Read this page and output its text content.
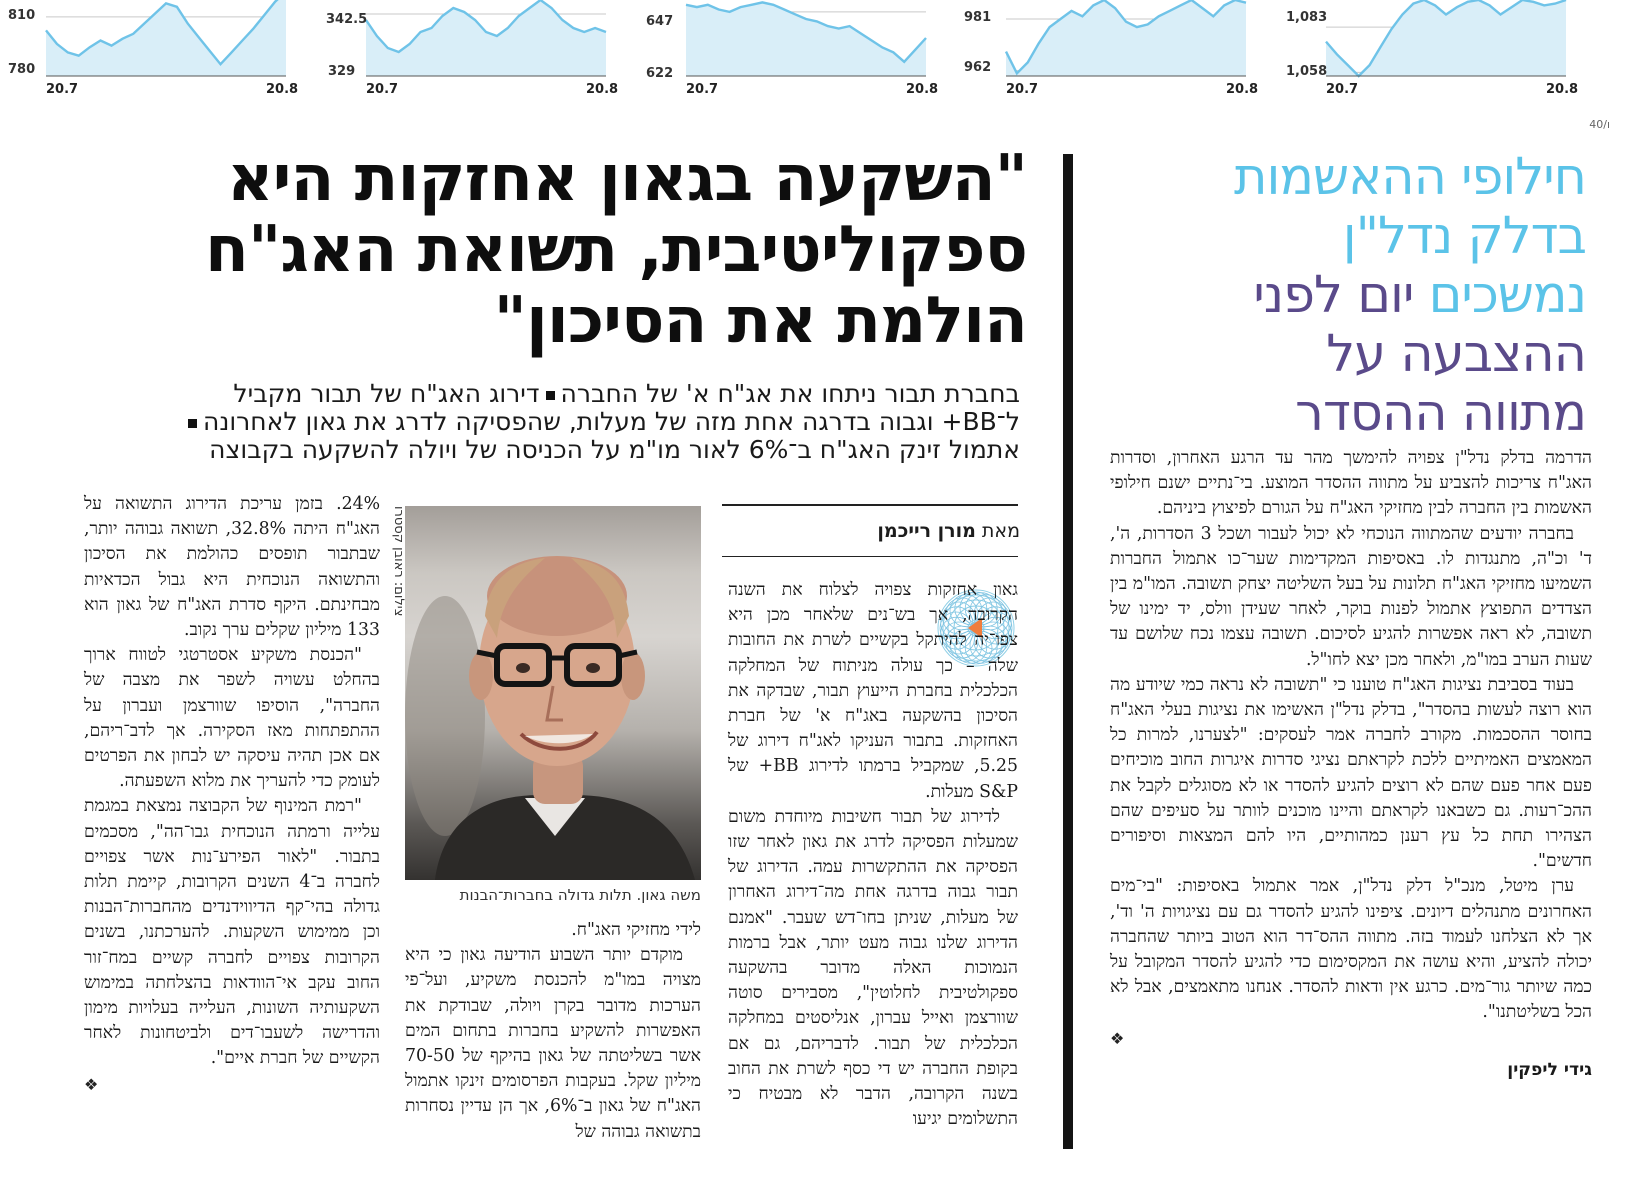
810
780
20.7	20.8
342.5
329
20.7	20.8
647
622
20.7	20.8
981
962
20.7	20.8
1,083
1,058
20.7	20.8
ו/40
חילופי ההאשמות
בדלק נדל"ן
נמשכים יום לפני
ההצבעה על
מתווה ההסדר

הדרמה בדלק נדל"ן צפויה להימשך מהר עד הרגע האחרון, וסדרות האג"ח צריכות להצביע על מתווה ההסדר המוצע. בי־נתיים ישנם חילופי האשמות בין החברה לבין מחזיקי האג"ח על הגורם לפיצוץ ביניהם.

בחברה יודעים שהמתווה הנוכחי לא יכול לעבור ושכל 3 הסדרות, ה', ד' וכ"ה, מתנגדות לו. באסיפות המקדימות שער־כו אתמול החברות השמיעו מחזיקי האג"ח תלונות על בעל השליטה יצחק תשובה. המו"מ בין הצדדים התפוצץ אתמול לפנות בוקר, לאחר שעידן וולס, יד ימינו של תשובה, לא ראה אפשרות להגיע לסיכום. תשובה עצמו נכח שלושם עד שעות הערב במו"מ, ולאחר מכן יצא לחו"ל.

בעוד בסביבת נציגות האג"ח טוענו כי "תשובה לא נראה כמי שיודע מה הוא רוצה לעשות בהסדר", בדלק נדל"ן האשימו את נציגות בעלי האג"ח בחוסר ההסכמות. מקורב לחברה אמר לעסקים: "לצערנו, למרות כל המאמצים האמיתיים ללכת לקראתם נציגי סדרות איגרות החוב מוכיחים פעם אחר פעם שהם לא רוצים להגיע להסדר או לא מסוגלים לקבל את ההכ־רעות. גם כשבאנו לקראתם והיינו מוכנים לוותר על סעיפים שהם הצהירו תחת כל עץ רענן כמהותיים, היו להם המצאות וסיפורים חדשים".

ערן מיטל, מנכ"ל דלק נדל"ן, אמר אתמול באסיפות: "בי־מים האחרונים מתנהלים דיונים. ציפינו להגיע להסדר גם עם נציגויות ה' וד', אך לא הצלחנו לעמוד בזה. מתווה ההס־דר הוא הטוב ביותר שהחברה יכולה להציע, והיא עושה את המקסימום כדי להגיע להסדר המקובל על כמה שיותר גור־מים. כרגע אין ודאות להסדר. אנחנו מתאמצים, אבל לא הכל בשליטתנו".

❖

גידי ליפקין

"השקעה בגאון אחזקות היא
ספקוליטיבית, תשואת האג"ח
הולמת את הסיכון"
בחברת תבור ניתחו את אג"ח א' של החברהדירוג האג"ח של תבור מקביל ל־BB+ וגבוה בדרגה אחת מזה של מעלות, שהפסיקה לדרג את גאון לאחרונהאתמול זינק האג"ח ב־6% לאור מו"מ על הכניסה של ויולה להשקעה בקבוצה
מאת מורן רייכמן

גאון אחזקות צפויה לצלוח את השנה הקרובה, אך בש־נים שלאחר מכן היא צפו־יה להיתקל בקשיים לשרת את החובות שלה – כך עולה מניתוח של המחלקה הכלכלית בחברת הייעוץ תבור, שבדקה את הסיכון בהשקעה באג"ח א' של חברת האחזקות. בתבור העניקו לאג"ח דירוג של 5.25, שמקביל ברמתו לדירוג BB+ של S&P מעלות.

לדירוג של תבור חשיבות מיוחדת משום שמעלות הפסיקה לדרג את גאון לאחר שזו הפסיקה את ההתקשרות עמה. הדירוג של תבור גבוה בדרגה אחת מה־דירוג האחרון של מעלות, שניתן בחו־דש שעבר. "אמנם הדירוג שלנו גבוה מעט יותר, אבל ברמות הנמוכות האלה מדובר בהשקעה ספקולטיבית לחלוטין", מסבירים סוטה שוורצמן ואייל עברון, אנליסטים במחלקה הכלכלית של תבור. לדבריהם, גם אם בקופת החברה יש די כסף לשרת את החוב בשנה הקרובה, הדבר לא מבטיח כי התשלומים יגיעו

צילום: ראובן קסטרו
משה גאון. תלות גדולה בחברות־הבנות

לידי מחזיקי האג"ח.

מוקדם יותר השבוע הודיעה גאון כי היא מצויה במו"מ להכנסת משקיע, ועל־פי הערכות מדובר בקרן ויולה, שבודקת את האפשרות להשקיע בחברות בתחום המים אשר בשליטתה של גאון בהיקף של 70-50 מיליון שקל. בעקבות הפרסומים זינקו אתמול האג"ח של גאון ב־6%, אך הן עדיין נסחרות בתשואה גבוהה של

24%. בזמן עריכת הדירוג התשואה על האג"ח היתה 32.8%, תשואה גבוהה יותר, שבתבור תופסים כהולמת את הסיכון והתשואה הנוכחית היא גבול הכדאיות מבחינתם. היקף סדרת האג"ח של גאון הוא 133 מיליון שקלים ערך נקוב.

"הכנסת משקיע אסטרטגי לטווח ארוך בהחלט עשויה לשפר את מצבה של החברה", הוסיפו שוורצמן ועברון על ההתפתחות מאז הסקירה. אך לדב־ריהם, אם אכן תהיה עיסקה יש לבחון את הפרטים לעומק כדי להעריך את מלוא השפעתה.

"רמת המינוף של הקבוצה נמצאת במגמת עלייה ורמתה הנוכחית גבו־הה", מסכמים בתבור. "לאור הפירע־נות אשר צפויים לחברה ב־4 השנים הקרובות, קיימת תלות גדולה בהי־קף הדיווידנדים מהחברות־הבנות וכן ממימוש השקעות. להערכתנו, בשנים הקרובות צפויים לחברה קשיים במח־זור החוב עקב אי־הוודאות בהצלחתה במימוש השקעותיה השונות, העלייה בעלויות מימון והדרישה לשעבו־דים ולביטחונות לאחר הקשיים של חברת איים".

❖
